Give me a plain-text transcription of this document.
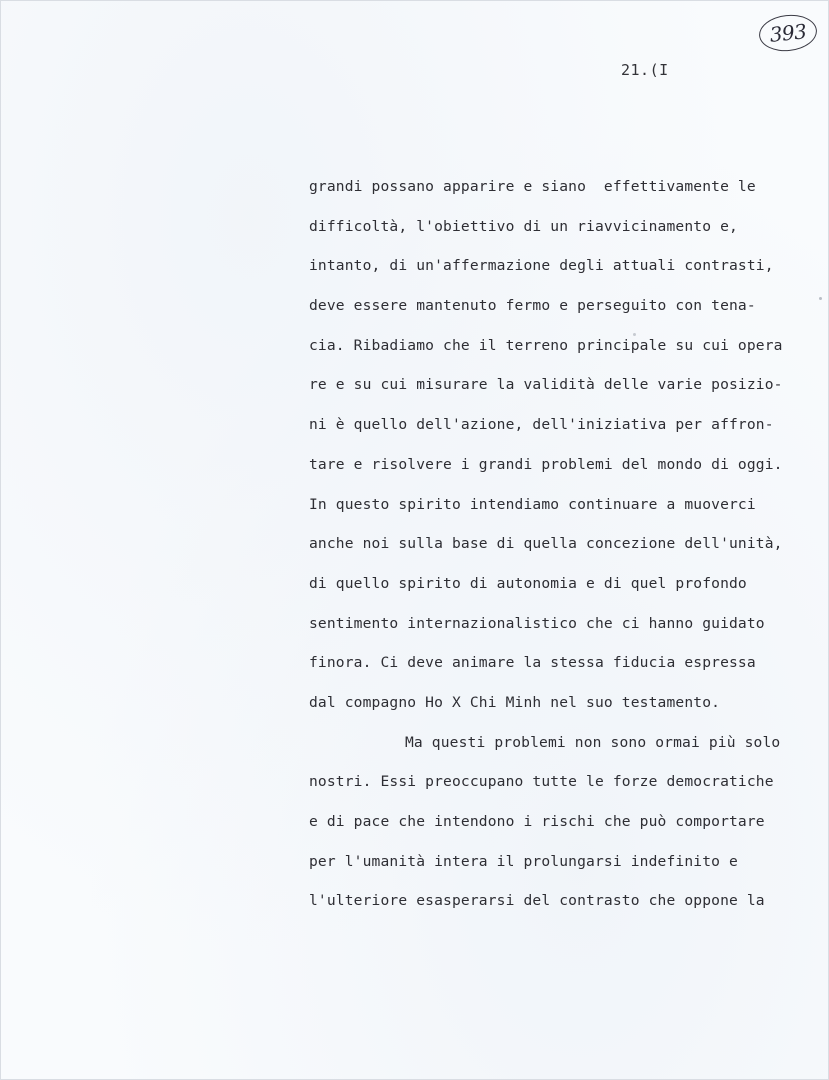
393
21.(I
grandi possano apparire e siano  effettivamente le
difficoltà, l'obiettivo di un riavvicinamento e,
intanto, di un'affermazione degli attuali contrasti,
deve essere mantenuto fermo e perseguito con tena-
cia. Ribadiamo che il terreno principale su cui opera
re e su cui misurare la validità delle varie posizio-
ni è quello dell'azione, dell'iniziativa per affron-
tare e risolvere i grandi problemi del mondo di oggi.
In questo spirito intendiamo continuare a muoverci
anche noi sulla base di quella concezione dell'unità,
di quello spirito di autonomia e di quel profondo
sentimento internazionalistico che ci hanno guidato
finora. Ci deve animare la stessa fiducia espressa
dal compagno Ho X Chi Minh nel suo testamento.
Ma questi problemi non sono ormai più solo
nostri. Essi preoccupano tutte le forze democratiche
e di pace che intendono i rischi che può comportare
per l'umanità intera il prolungarsi indefinito e
l'ulteriore esasperarsi del contrasto che oppone la
